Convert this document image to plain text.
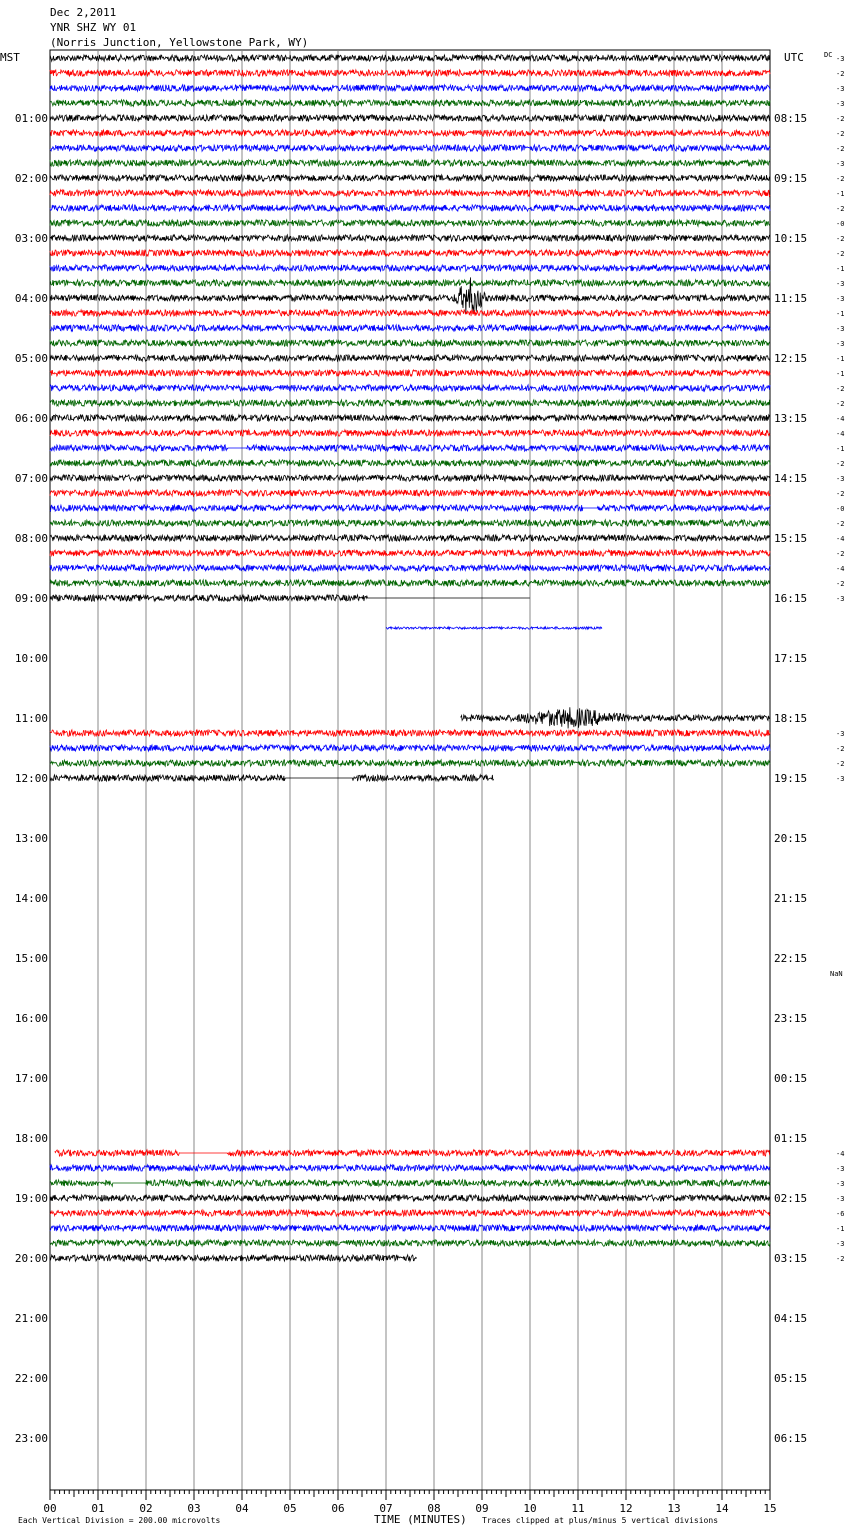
Dec 2,2011
YNR SHZ WY 01
(Norris Junction, Yellowstone Park, WY)
MST	UTC	DC
NaN
Each Vertical Division = 200.00 microvolts	Traces clipped at plus/minus 5 vertical divisions
TIME (MINUTES)
00	01	02	03	04	05	06	07	08	09	10	11	12	13	14	15
01:00
02:00
03:00
04:00
05:00
06:00
07:00
08:00
09:00
10:00
11:00
12:00
13:00
14:00
15:00
16:00
17:00
18:00
19:00
20:00
21:00
22:00
23:00
08:15
09:15
10:15
11:15
12:15
13:15
14:15
15:15
16:15
17:15
18:15
19:15
20:15
21:15
22:15
23:15
00:15
01:15
02:15
03:15
04:15
05:15
06:15
-3
-2
-3
-3
-2
-2
-2
-3
-2
-1
-2
-0
-2
-2
-1
-3
-3
-1
-3
-3
-1
-1
-2
-2
-4
-4
-1
-2
-3
-2
-0
-2
-4
-2
-4
-2
-3
-3
-2
-2
-3
-4
-3
-3
-3
-6
-1
-3
-2
